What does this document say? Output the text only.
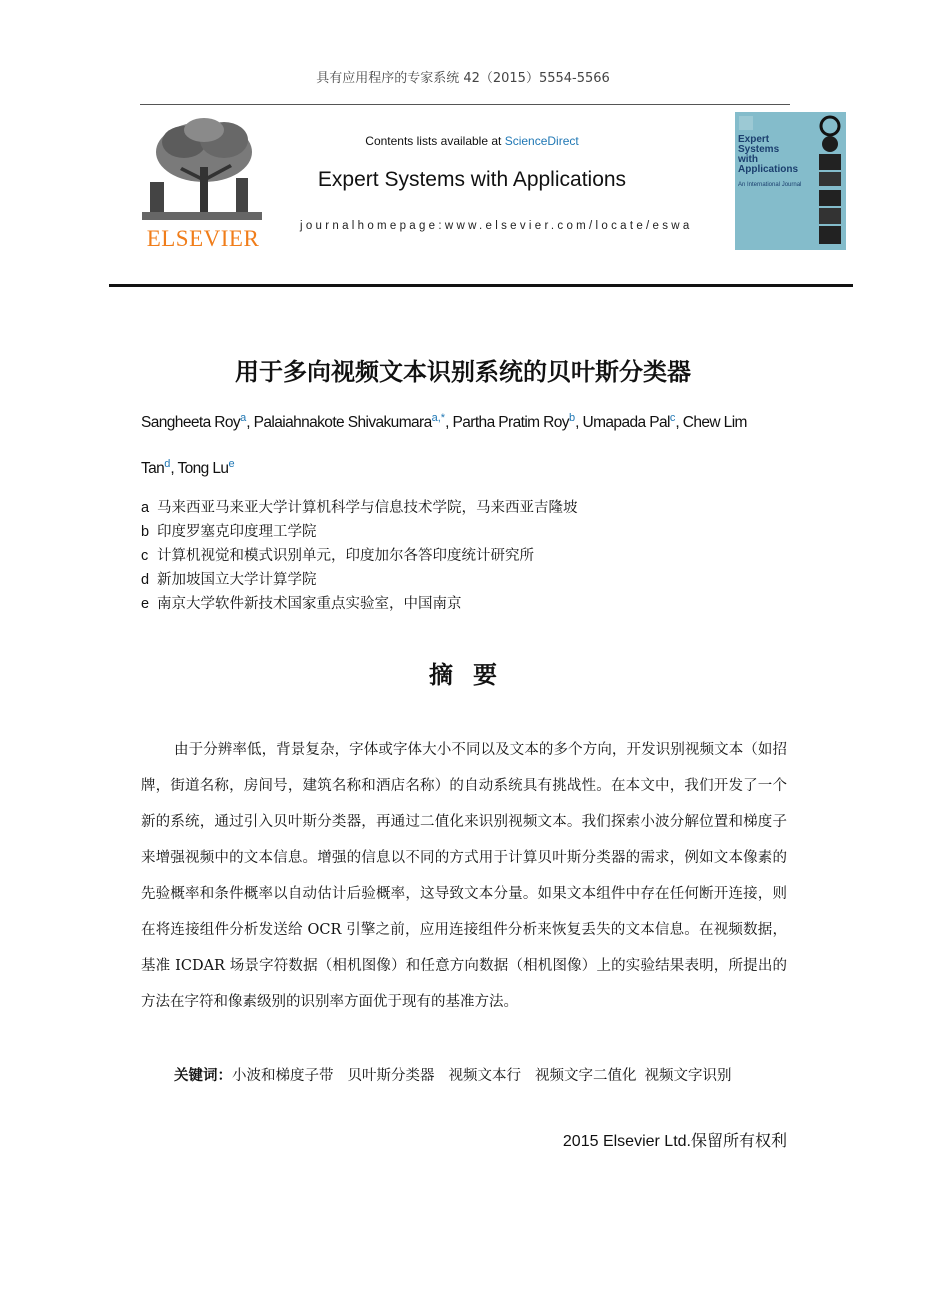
具有应用程序的专家系统 42（2015）5554-5566
ELSEVIER
Contents lists available at ScienceDirect
Expert Systems with Applications
journalhomepage:www.elsevier.com/locate/eswa
Expert
Systems
with
Applications
An International Journal
用于多向视频文本识别系统的贝叶斯分类器
Sangheeta Roy$^a$, Palaiahnakote Shivakumara$^{a,*}$, Partha Pratim Roy$^b$, Umapada Pal$^c$, Chew Lim
Tan$^d$, Tong Lu$^e$
a 马来西亚马来亚大学计算机科学与信息技术学院，马来西亚吉隆坡
b 印度罗塞克印度理工学院
c 计算机视觉和模式识别单元，印度加尔各答印度统计研究所
d 新加坡国立大学计算学院
e 南京大学软件新技术国家重点实验室，中国南京
摘要
由于分辨率低，背景复杂，字体或字体大小不同以及文本的多个方向，开发识别视频文本（如招牌，街道名称，房间号，建筑名称和酒店名称）的自动系统具有挑战性。在本文中，我们开发了一个新的系统，通过引入贝叶斯分类器，再通过二值化来识别视频文本。我们探索小波分解位置和梯度子来增强视频中的文本信息。增强的信息以不同的方式用于计算贝叶斯分类器的需求，例如文本像素的先验概率和条件概率以自动估计后验概率，这导致文本分量。如果文本组件中存在任何断开连接，则在将连接组件分析发送给 OCR 引擎之前，应用连接组件分析来恢复丢失的文本信息。在视频数据，基准 ICDAR 场景字符数据（相机图像）和任意方向数据（相机图像）上的实验结果表明，所提出的方法在字符和像素级别的识别率方面优于现有的基准方法。
关键词：小波和梯度子带 贝叶斯分类器 视频文本行 视频文字二值化 视频文字识别
2015 Elsevier Ltd.保留所有权利
